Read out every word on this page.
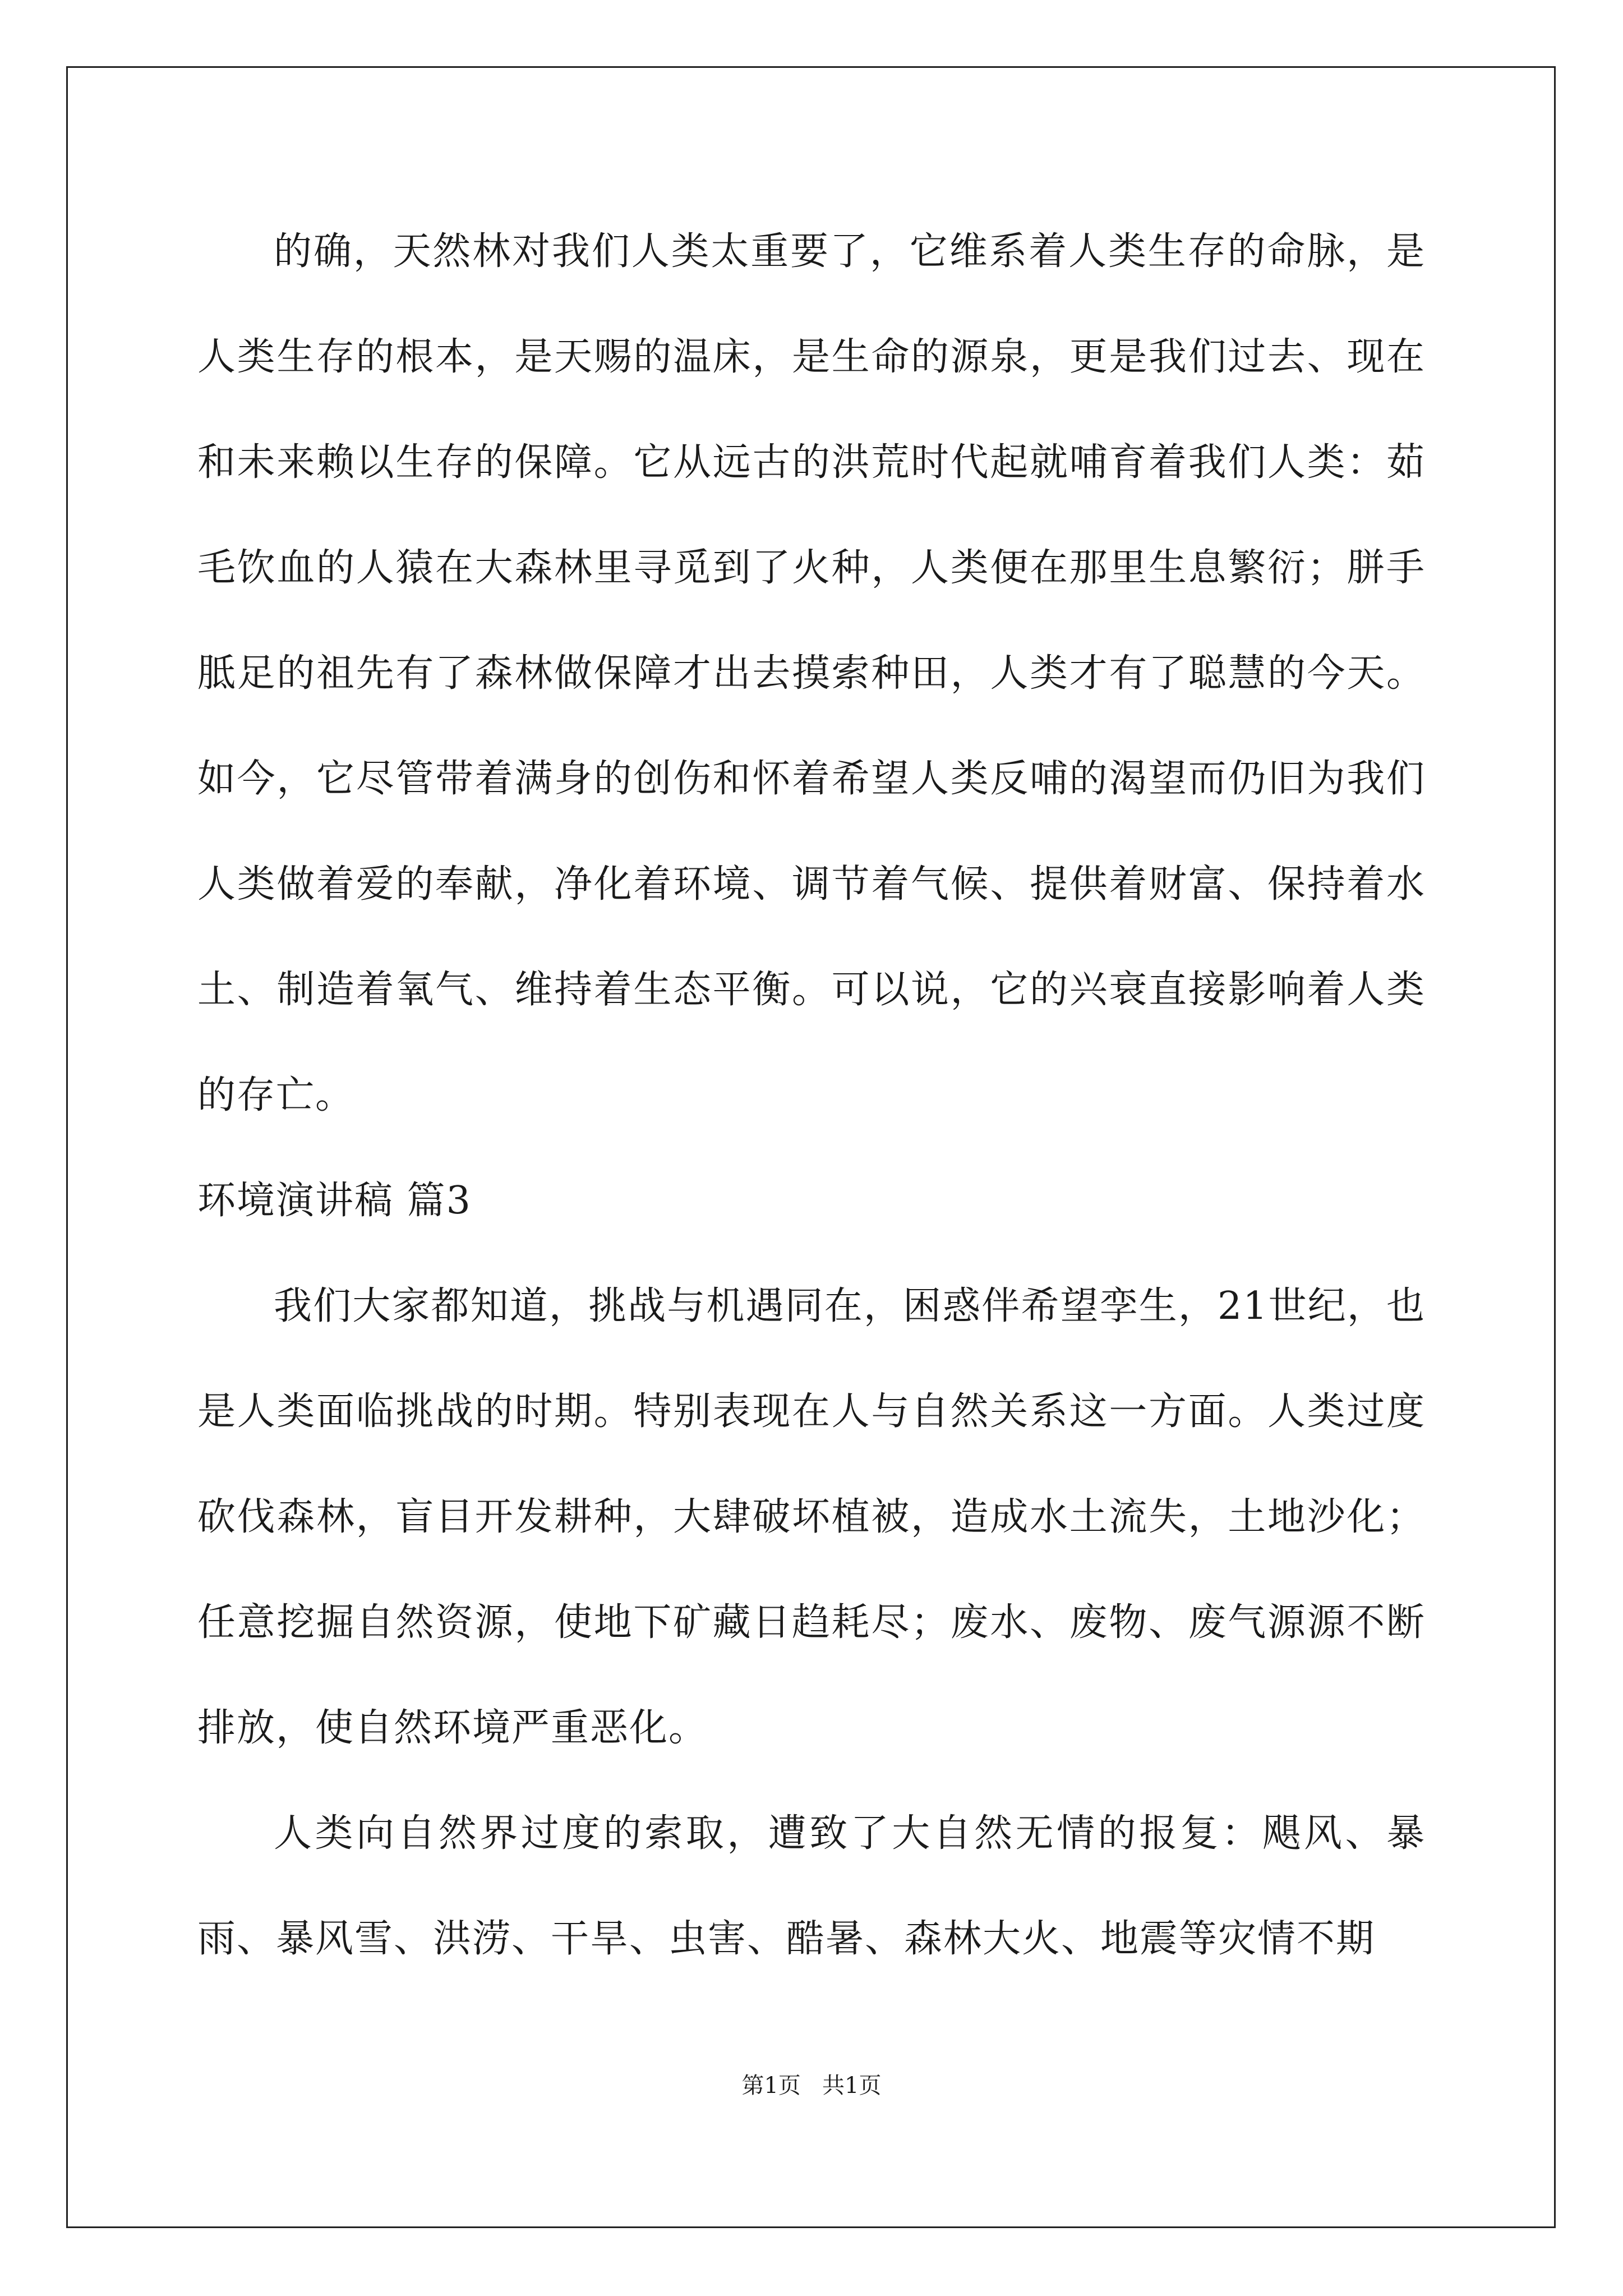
的确，天然林对我们人类太重要了，它维系着人类生存的命脉，是人类生存的根本，是天赐的温床，是生命的源泉，更是我们过去、现在和未来赖以生存的保障。它从远古的洪荒时代起就哺育着我们人类：茹毛饮血的人猿在大森林里寻觅到了火种，人类便在那里生息繁衍；胼手胝足的祖先有了森林做保障才出去摸索种田，人类才有了聪慧的今天。如今，它尽管带着满身的创伤和怀着希望人类反哺的渴望而仍旧为我们人类做着爱的奉献，净化着环境、调节着气候、提供着财富、保持着水土、制造着氧气、维持着生态平衡。可以说，它的兴衰直接影响着人类的存亡。

环境演讲稿 篇3

我们大家都知道，挑战与机遇同在，困惑伴希望孪生，21世纪，也是人类面临挑战的时期。特别表现在人与自然关系这一方面。人类过度砍伐森林，盲目开发耕种，大肆破坏植被，造成水土流失，土地沙化；任意挖掘自然资源，使地下矿藏日趋耗尽；废水、废物、废气源源不断排放，使自然环境严重恶化。

人类向自然界过度的索取，遭致了大自然无情的报复：飓风、暴雨、暴风雪、洪涝、干旱、虫害、酷暑、森林大火、地震等灾情不期

第1页   共1页
